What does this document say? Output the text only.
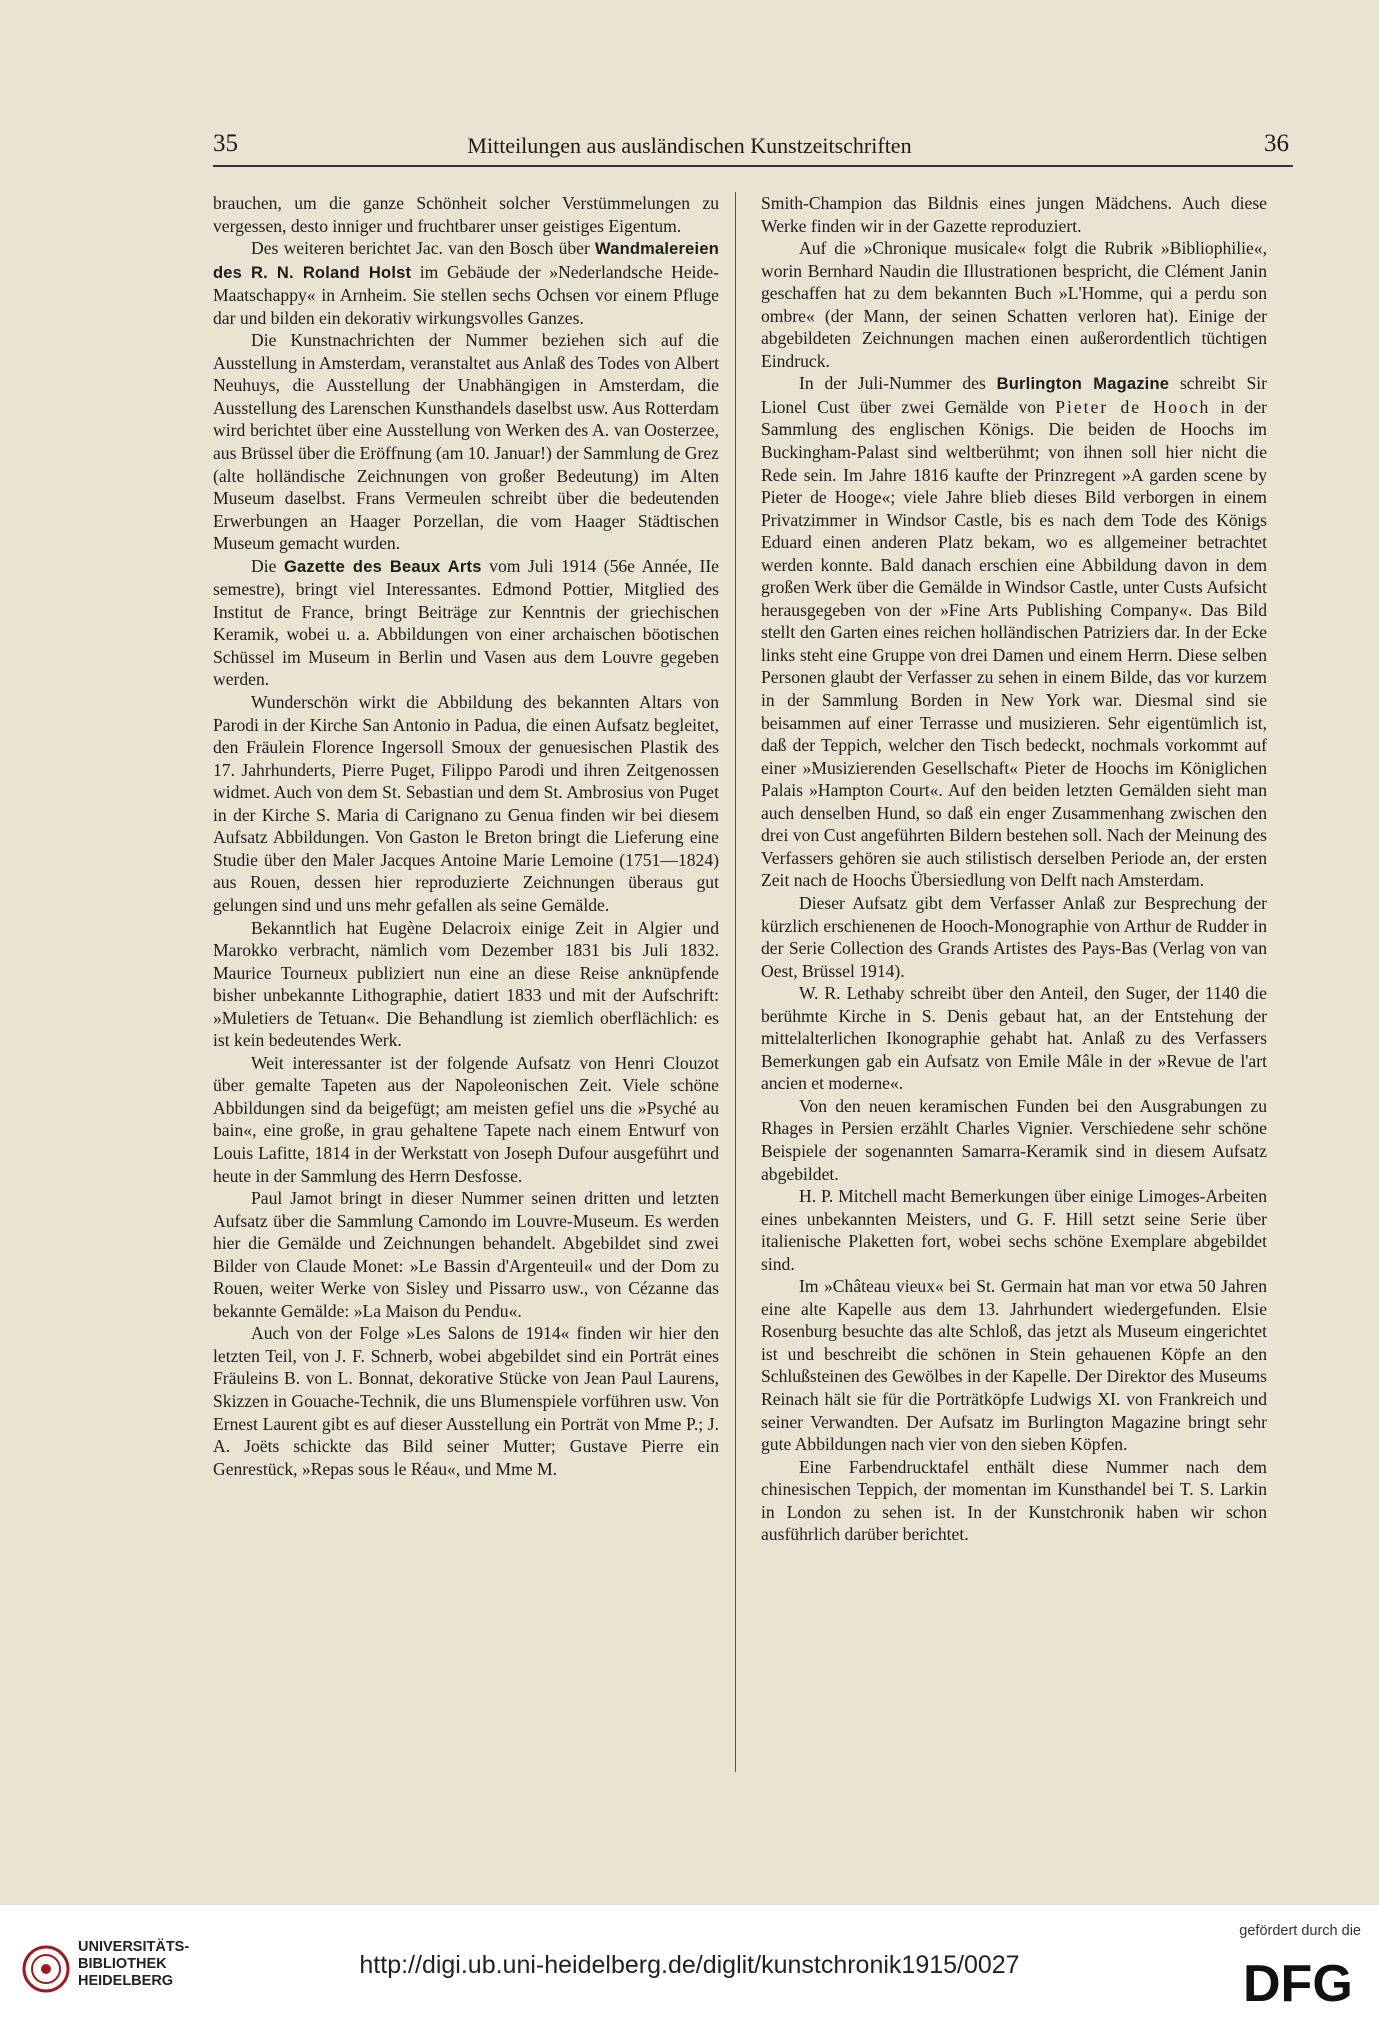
35	Mitteilungen aus ausländischen Kunstzeitschriften	36

brauchen, um die ganze Schönheit solcher Verstümmelungen zu vergessen, desto inniger und fruchtbarer unser geistiges Eigentum.

Des weiteren berichtet Jac. van den Bosch über Wandmalereien des R. N. Roland Holst im Gebäude der »Nederlandsche Heide-Maatschappy« in Arnheim. Sie stellen sechs Ochsen vor einem Pfluge dar und bilden ein dekorativ wirkungsvolles Ganzes.

Die Kunstnachrichten der Nummer beziehen sich auf die Ausstellung in Amsterdam, veranstaltet aus Anlaß des Todes von Albert Neuhuys, die Ausstellung der Unabhängigen in Amsterdam, die Ausstellung des Larenschen Kunsthandels daselbst usw. Aus Rotterdam wird berichtet über eine Ausstellung von Werken des A. van Oosterzee, aus Brüssel über die Eröffnung (am 10. Januar!) der Sammlung de Grez (alte holländische Zeichnungen von großer Bedeutung) im Alten Museum daselbst. Frans Vermeulen schreibt über die bedeutenden Erwerbungen an Haager Porzellan, die vom Haager Städtischen Museum gemacht wurden.

Die Gazette des Beaux Arts vom Juli 1914 (56e Année, IIe semestre), bringt viel Interessantes. Edmond Pottier, Mitglied des Institut de France, bringt Beiträge zur Kenntnis der griechischen Keramik, wobei u. a. Abbildungen von einer archaischen böotischen Schüssel im Museum in Berlin und Vasen aus dem Louvre gegeben werden.

Wunderschön wirkt die Abbildung des bekannten Altars von Parodi in der Kirche San Antonio in Padua, die einen Aufsatz begleitet, den Fräulein Florence Ingersoll Smoux der genuesischen Plastik des 17. Jahrhunderts, Pierre Puget, Filippo Parodi und ihren Zeitgenossen widmet. Auch von dem St. Sebastian und dem St. Ambrosius von Puget in der Kirche S. Maria di Carignano zu Genua finden wir bei diesem Aufsatz Abbildungen. Von Gaston le Breton bringt die Lieferung eine Studie über den Maler Jacques Antoine Marie Lemoine (1751—1824) aus Rouen, dessen hier reproduzierte Zeichnungen überaus gut gelungen sind und uns mehr gefallen als seine Gemälde.

Bekanntlich hat Eugène Delacroix einige Zeit in Algier und Marokko verbracht, nämlich vom Dezember 1831 bis Juli 1832. Maurice Tourneux publiziert nun eine an diese Reise anknüpfende bisher unbekannte Lithographie, datiert 1833 und mit der Aufschrift: »Muletiers de Tetuan«. Die Behandlung ist ziemlich oberflächlich: es ist kein bedeutendes Werk.

Weit interessanter ist der folgende Aufsatz von Henri Clouzot über gemalte Tapeten aus der Napoleonischen Zeit. Viele schöne Abbildungen sind da beigefügt; am meisten gefiel uns die »Psyché au bain«, eine große, in grau gehaltene Tapete nach einem Entwurf von Louis Lafitte, 1814 in der Werkstatt von Joseph Dufour ausgeführt und heute in der Sammlung des Herrn Desfosse.

Paul Jamot bringt in dieser Nummer seinen dritten und letzten Aufsatz über die Sammlung Camondo im Louvre-Museum. Es werden hier die Gemälde und Zeichnungen behandelt. Abgebildet sind zwei Bilder von Claude Monet: »Le Bassin d'Argenteuil« und der Dom zu Rouen, weiter Werke von Sisley und Pissarro usw., von Cézanne das bekannte Gemälde: »La Maison du Pendu«.

Auch von der Folge »Les Salons de 1914« finden wir hier den letzten Teil, von J. F. Schnerb, wobei abgebildet sind ein Porträt eines Fräuleins B. von L. Bonnat, dekorative Stücke von Jean Paul Laurens, Skizzen in Gouache-Technik, die uns Blumenspiele vorführen usw. Von Ernest Laurent gibt es auf dieser Ausstellung ein Porträt von Mme P.; J. A. Joëts schickte das Bild seiner Mutter; Gustave Pierre ein Genrestück, »Repas sous le Réau«, und Mme M.

Smith-Champion das Bildnis eines jungen Mädchens. Auch diese Werke finden wir in der Gazette reproduziert.

Auf die »Chronique musicale« folgt die Rubrik »Bibliophilie«, worin Bernhard Naudin die Illustrationen bespricht, die Clément Janin geschaffen hat zu dem bekannten Buch »L'Homme, qui a perdu son ombre« (der Mann, der seinen Schatten verloren hat). Einige der abgebildeten Zeichnungen machen einen außerordentlich tüchtigen Eindruck.

In der Juli-Nummer des Burlington Magazine schreibt Sir Lionel Cust über zwei Gemälde von Pieter de Hooch in der Sammlung des englischen Königs. Die beiden de Hoochs im Buckingham-Palast sind weltberühmt; von ihnen soll hier nicht die Rede sein. Im Jahre 1816 kaufte der Prinzregent »A garden scene by Pieter de Hooge«; viele Jahre blieb dieses Bild verborgen in einem Privatzimmer in Windsor Castle, bis es nach dem Tode des Königs Eduard einen anderen Platz bekam, wo es allgemeiner betrachtet werden konnte. Bald danach erschien eine Abbildung davon in dem großen Werk über die Gemälde in Windsor Castle, unter Custs Aufsicht herausgegeben von der »Fine Arts Publishing Company«. Das Bild stellt den Garten eines reichen holländischen Patriziers dar. In der Ecke links steht eine Gruppe von drei Damen und einem Herrn. Diese selben Personen glaubt der Verfasser zu sehen in einem Bilde, das vor kurzem in der Sammlung Borden in New York war. Diesmal sind sie beisammen auf einer Terrasse und musizieren. Sehr eigentümlich ist, daß der Teppich, welcher den Tisch bedeckt, nochmals vorkommt auf einer »Musizierenden Gesellschaft« Pieter de Hoochs im Königlichen Palais »Hampton Court«. Auf den beiden letzten Gemälden sieht man auch denselben Hund, so daß ein enger Zusammenhang zwischen den drei von Cust angeführten Bildern bestehen soll. Nach der Meinung des Verfassers gehören sie auch stilistisch derselben Periode an, der ersten Zeit nach de Hoochs Übersiedlung von Delft nach Amsterdam.

Dieser Aufsatz gibt dem Verfasser Anlaß zur Besprechung der kürzlich erschienenen de Hooch-Monographie von Arthur de Rudder in der Serie Collection des Grands Artistes des Pays-Bas (Verlag von van Oest, Brüssel 1914).

W. R. Lethaby schreibt über den Anteil, den Suger, der 1140 die berühmte Kirche in S. Denis gebaut hat, an der Entstehung der mittelalterlichen Ikonographie gehabt hat. Anlaß zu des Verfassers Bemerkungen gab ein Aufsatz von Emile Mâle in der »Revue de l'art ancien et moderne«.

Von den neuen keramischen Funden bei den Ausgrabungen zu Rhages in Persien erzählt Charles Vignier. Verschiedene sehr schöne Beispiele der sogenannten Samarra-Keramik sind in diesem Aufsatz abgebildet.

H. P. Mitchell macht Bemerkungen über einige Limoges-Arbeiten eines unbekannten Meisters, und G. F. Hill setzt seine Serie über italienische Plaketten fort, wobei sechs schöne Exemplare abgebildet sind.

Im »Château vieux« bei St. Germain hat man vor etwa 50 Jahren eine alte Kapelle aus dem 13. Jahrhundert wiedergefunden. Elsie Rosenburg besuchte das alte Schloß, das jetzt als Museum eingerichtet ist und beschreibt die schönen in Stein gehauenen Köpfe an den Schlußsteinen des Gewölbes in der Kapelle. Der Direktor des Museums Reinach hält sie für die Porträtköpfe Ludwigs XI. von Frankreich und seiner Verwandten. Der Aufsatz im Burlington Magazine bringt sehr gute Abbildungen nach vier von den sieben Köpfen.

Eine Farbendrucktafel enthält diese Nummer nach dem chinesischen Teppich, der momentan im Kunsthandel bei T. S. Larkin in London zu sehen ist. In der Kunstchronik haben wir schon ausführlich darüber berichtet.

UNIVERSITÄTS-
BIBLIOTHEK
HEIDELBERG
http://digi.ub.uni-heidelberg.de/diglit/kunstchronik1915/0027
gefördert durch die
DFG
